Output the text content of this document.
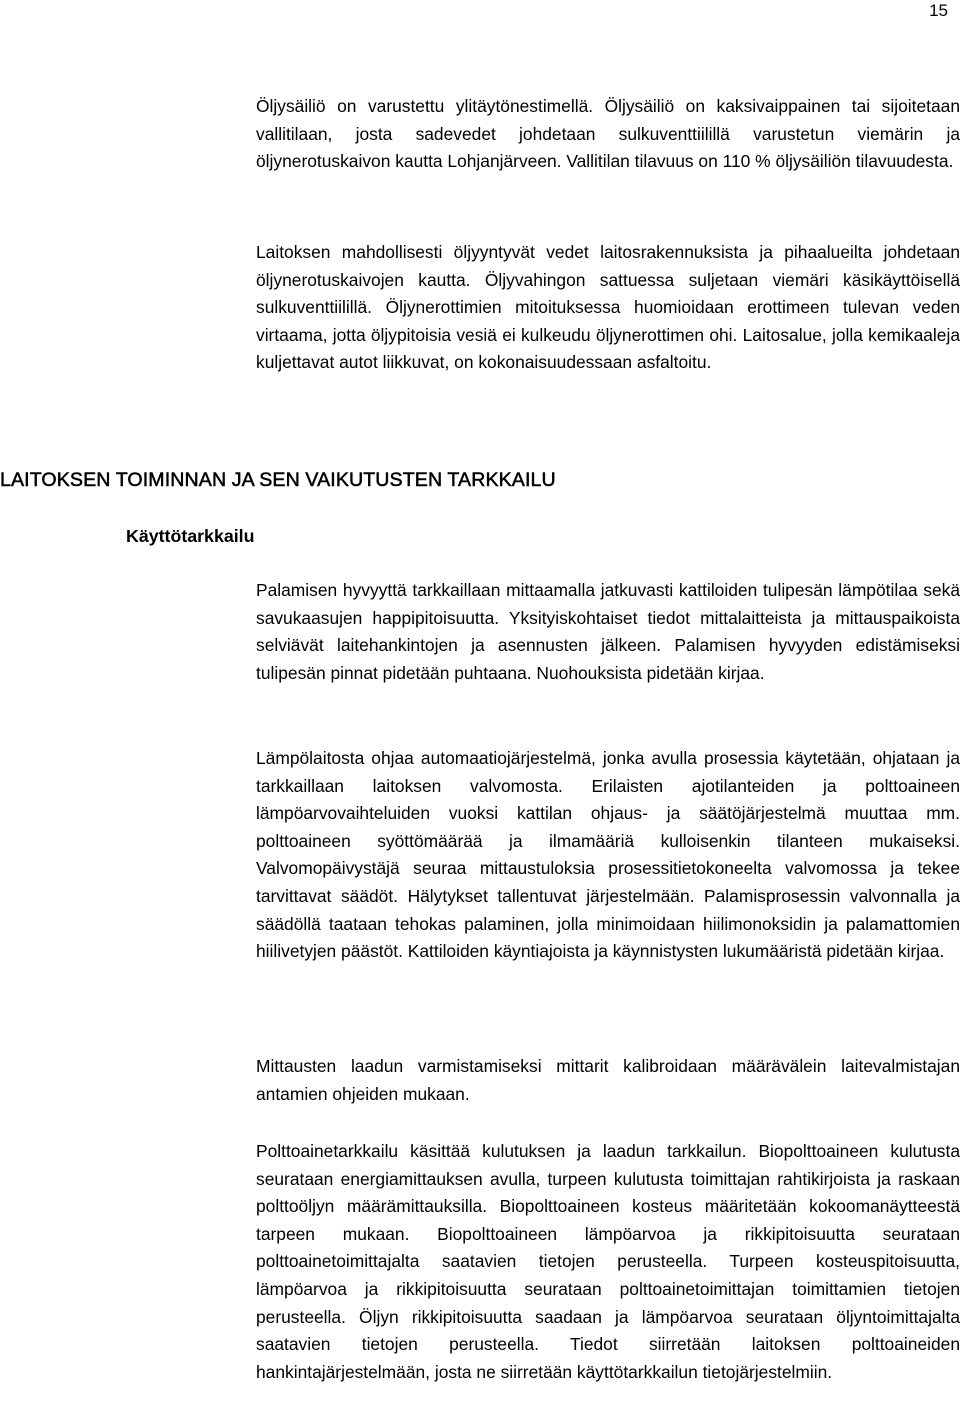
15

Öljysäiliö on varustettu ylitäytönestimellä. Öljysäiliö on kaksivaippainen tai sijoitetaan vallitilaan, josta sadevedet johdetaan sulkuventtiilillä varustetun viemärin ja öljynerotuskaivon kautta Lohjanjärveen. Vallitilan tilavuus on 110 % öljysäiliön tilavuudesta.

Laitoksen mahdollisesti öljyyntyvät vedet laitosrakennuksista ja pihaalueilta johdetaan öljynerotuskaivojen kautta. Öljyvahingon sattuessa suljetaan viemäri käsikäyttöisellä sulkuventtiilillä. Öljynerottimien mitoituksessa huomioidaan erottimeen tulevan veden virtaama, jotta öljypitoisia vesiä ei kulkeudu öljynerottimen ohi. Laitosalue, jolla kemikaaleja kuljettavat autot liikkuvat, on kokonaisuudessaan asfaltoitu.

LAITOKSEN TOIMINNAN JA SEN VAIKUTUSTEN TARKKAILU
Käyttötarkkailu

Palamisen hyvyyttä tarkkaillaan mittaamalla jatkuvasti kattiloiden tulipesän lämpötilaa sekä savukaasujen happipitoisuutta. Yksityiskohtaiset tiedot mittalaitteista ja mittauspaikoista selviävät laitehankintojen ja asennusten jälkeen. Palamisen hyvyyden edistämiseksi tulipesän pinnat pidetään puhtaana. Nuohouksista pidetään kirjaa.

Lämpölaitosta ohjaa automaatiojärjestelmä, jonka avulla prosessia käytetään, ohjataan ja tarkkaillaan laitoksen valvomosta. Erilaisten ajotilanteiden ja polttoaineen lämpöarvovaihteluiden vuoksi kattilan ohjaus- ja säätöjärjestelmä muuttaa mm. polttoaineen syöttömäärää ja ilmamääriä kulloisenkin tilanteen mukaiseksi. Valvomopäivystäjä seuraa mittaustuloksia prosessitietokoneelta valvomossa ja tekee tarvittavat säädöt. Hälytykset tallentuvat järjestelmään. Palamisprosessin valvonnalla ja säädöllä taataan tehokas palaminen, jolla minimoidaan hiilimonoksidin ja palamattomien hiilivetyjen päästöt. Kattiloiden käyntiajoista ja käynnistysten lukumääristä pidetään kirjaa.

Mittausten laadun varmistamiseksi mittarit kalibroidaan määrävälein laitevalmistajan antamien ohjeiden mukaan.

Polttoainetarkkailu käsittää kulutuksen ja laadun tarkkailun. Biopolttoaineen kulutusta seurataan energiamittauksen avulla, turpeen kulutusta toimittajan rahtikirjoista ja raskaan polttoöljyn määrämittauksilla. Biopolttoaineen kosteus määritetään kokoomanäytteestä tarpeen mukaan. Biopolttoaineen lämpöarvoa ja rikkipitoisuutta seurataan polttoainetoimittajalta saatavien tietojen perusteella. Turpeen kosteuspitoisuutta, lämpöarvoa ja rikkipitoisuutta seurataan polttoainetoimittajan toimittamien tietojen perusteella. Öljyn rikkipitoisuutta saadaan ja lämpöarvoa seurataan öljyntoimittajalta saatavien tietojen perusteella. Tiedot siirretään laitoksen polttoaineiden hankintajärjestelmään, josta ne siirretään käyttötarkkailun tietojärjestelmiin.
